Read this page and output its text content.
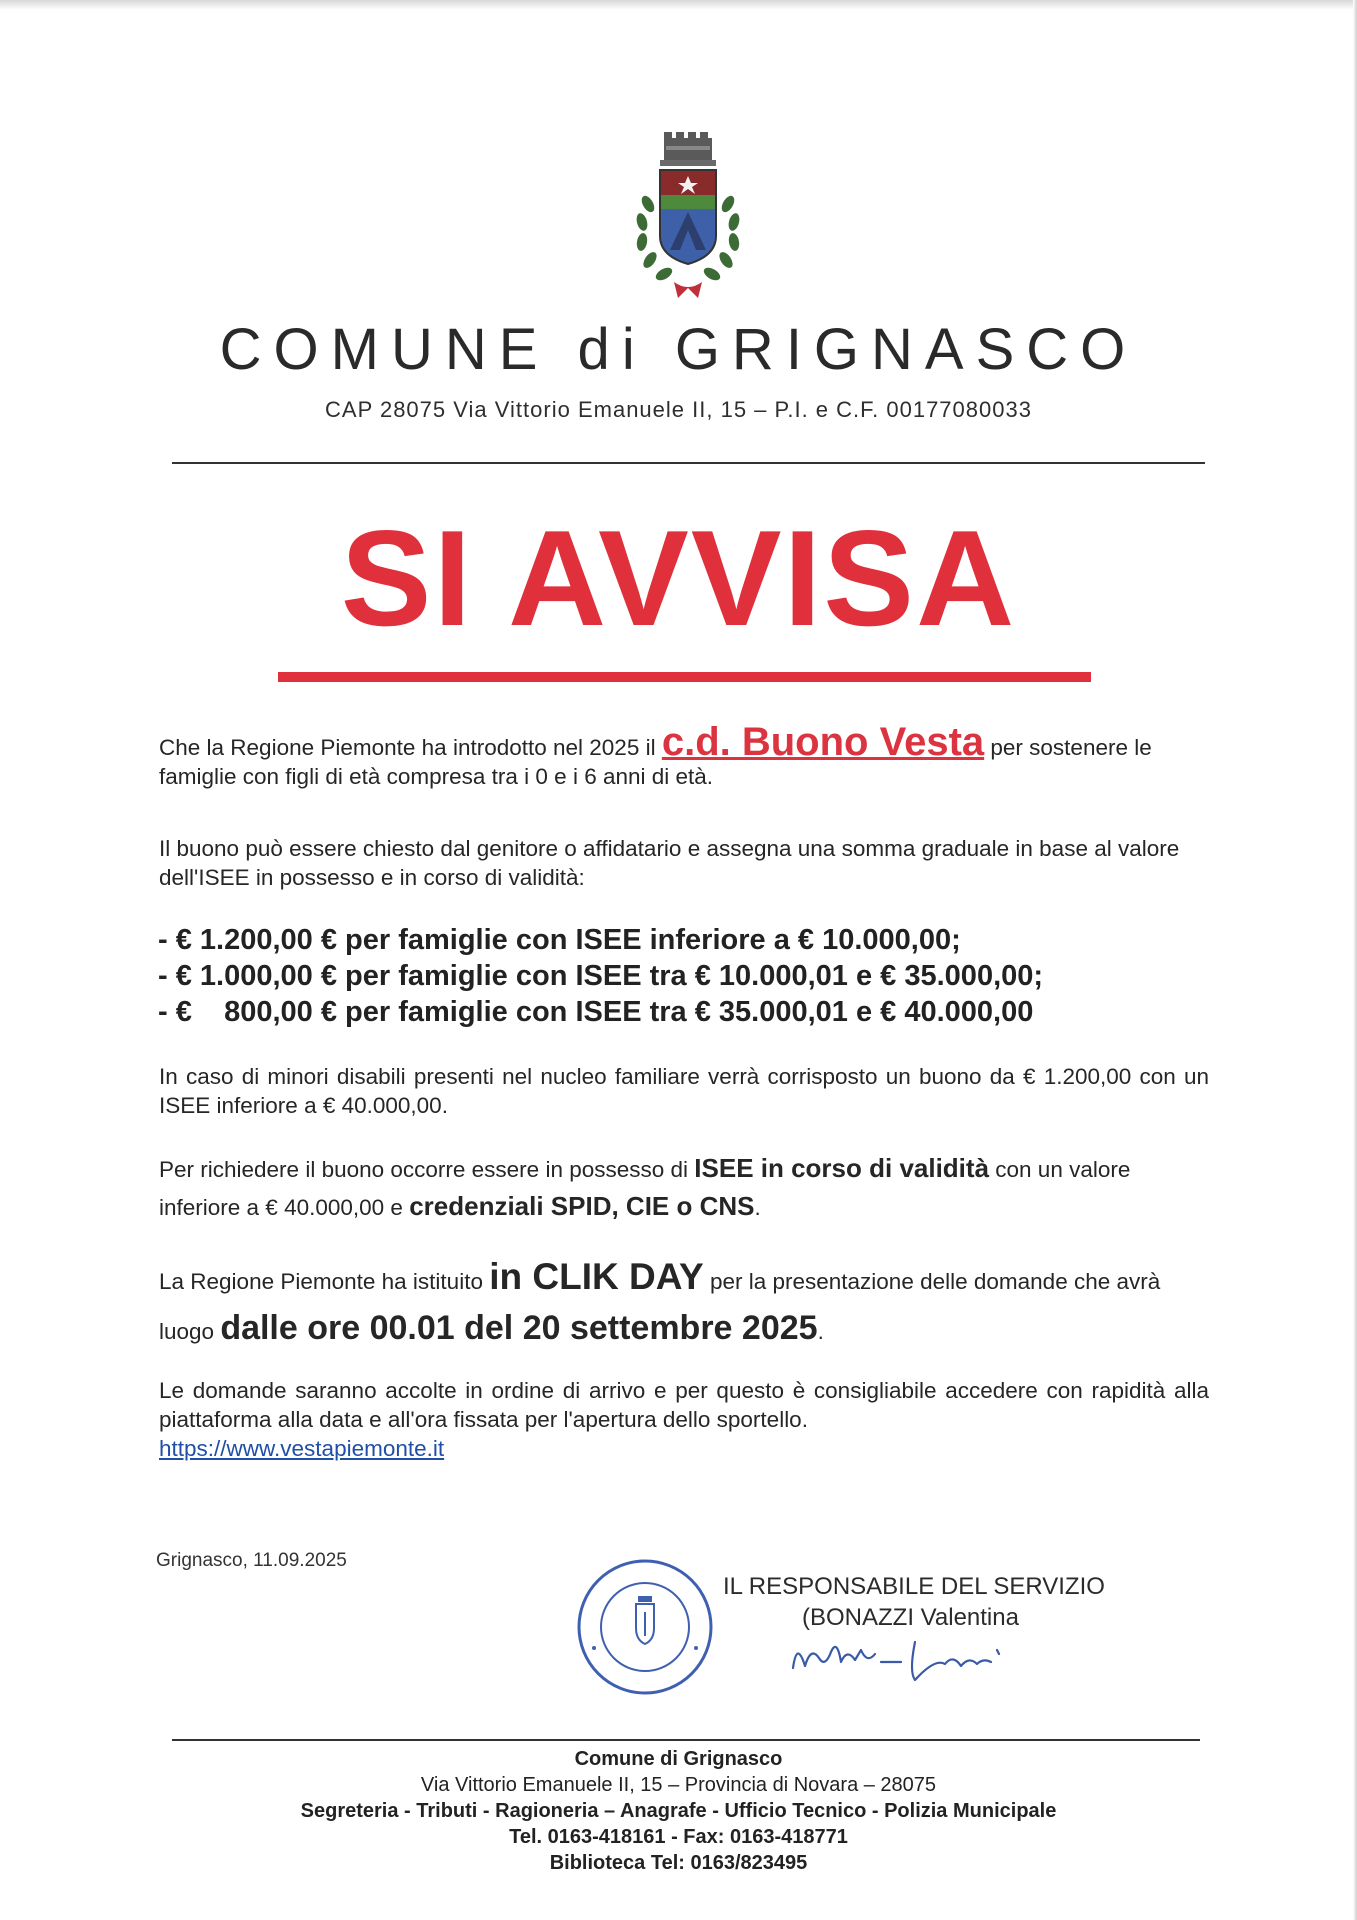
COMUNE di GRIGNASCO
CAP 28075 Via Vittorio Emanuele II, 15 – P.I. e C.F. 00177080033
SI AVVISA
Che la Regione Piemonte ha introdotto nel 2025 il c.d. Buono Vesta per sostenere le famiglie con figli di età compresa tra i 0 e i 6 anni di età.
Il buono può essere chiesto dal genitore o affidatario e assegna una somma graduale in base al valore dell'ISEE in possesso e in corso di validità:
- € 1.200,00 € per famiglie con ISEE inferiore a € 10.000,00;
- € 1.000,00 € per famiglie con ISEE tra € 10.000,01 e € 35.000,00;
- €    800,00 € per famiglie con ISEE tra € 35.000,01 e € 40.000,00
In caso di minori disabili presenti nel nucleo familiare verrà corrisposto un buono da € 1.200,00 con un ISEE inferiore a € 40.000,00.
Per richiedere il buono occorre essere in possesso di ISEE in corso di validità con un valore inferiore a € 40.000,00 e credenziali SPID, CIE o CNS.
La Regione Piemonte ha istituito in CLIK DAY per la presentazione delle domande che avrà luogo dalle ore 00.01 del 20 settembre 2025.
Le domande saranno accolte in ordine di arrivo e per questo è consigliabile accedere con rapidità alla piattaforma alla data e all'ora fissata per l'apertura dello sportello.
https://www.vestapiemonte.it
Grignasco, 11.09.2025
IL RESPONSABILE DEL SERVIZIO
(BONAZZI Valentina
Comune di Grignasco
Via Vittorio Emanuele II, 15 – Provincia di Novara – 28075
Segreteria - Tributi - Ragioneria – Anagrafe - Ufficio Tecnico - Polizia Municipale
Tel. 0163-418161 - Fax: 0163-418771
Biblioteca Tel: 0163/823495
